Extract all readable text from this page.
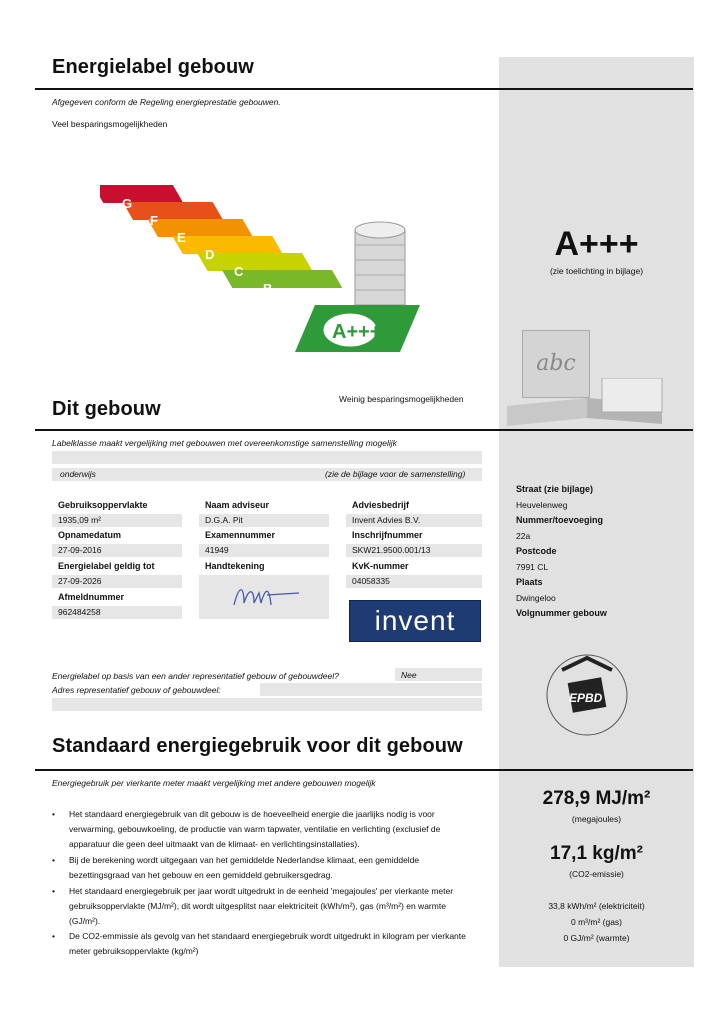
Energielabel gebouw
Afgegeven conform de Regeling energieprestatie gebouwen.
Veel besparingsmogelijkheden
G
F
E
D
C
B
A+++
Weinig besparingsmogelijkheden
A+++
(zie toelichting in bijlage)
abc
Dit gebouw
Labelklasse maakt vergelijking met gebouwen met overeenkomstige samenstelling mogelijk
onderwijs	(zie de bijlage voor de samenstelling)
Gebruiksoppervlakte
1935,09 m²
Opnamedatum
27-09-2016
Energielabel geldig tot
27-09-2026
Afmeldnummer
962484258
Naam adviseur
D.G.A. Pit
Examennummer
41949
Handtekening
Adviesbedrijf
Invent Advies B.V.
Inschrijfnummer
SKW21.9500.001/13
KvK-nummer
04058335
invent
Straat (zie bijlage)
Heuvelenweg
Nummer/toevoeging
22a
Postcode
7991 CL
Plaats
Dwingeloo
Volgnummer gebouw
EPBD
Energielabel op basis van een ander representatief gebouw of gebouwdeel?	Nee
Adres representatief gebouw of gebouwdeel:
Standaard energiegebruik voor dit gebouw
Energiegebruik per vierkante meter maakt vergelijking met andere gebouwen mogelijk
• Het standaard energiegebruik van dit gebouw is de hoeveelheid energie die jaarlijks nodig is voor verwarming, gebouwkoeling, de productie van warm tapwater, ventilatie en verlichting (exclusief de apparatuur die geen deel uitmaakt van de klimaat- en verlichtingsinstallaties).
• Bij de berekening wordt uitgegaan van het gemiddelde Nederlandse klimaat, een gemiddelde bezettingsgraad van het gebouw en een gemiddeld gebruikersgedrag.
• Het standaard energiegebruik per jaar wordt uitgedrukt in de eenheid 'megajoules' per vierkante meter gebruiksoppervlakte (MJ/m²), dit wordt uitgesplitst naar elektriciteit (kWh/m²), gas (m³/m²) en warmte (GJ/m²).
• De CO2-emmissie als gevolg van het standaard energiegebruik wordt uitgedrukt in kilogram per vierkante meter gebruiksoppervlakte (kg/m²)
278,9 MJ/m²
(megajoules)
17,1 kg/m²
(CO2-emissie)
33,8 kWh/m² (elektriciteit)
0 m³/m² (gas)
0 GJ/m² (warmte)
